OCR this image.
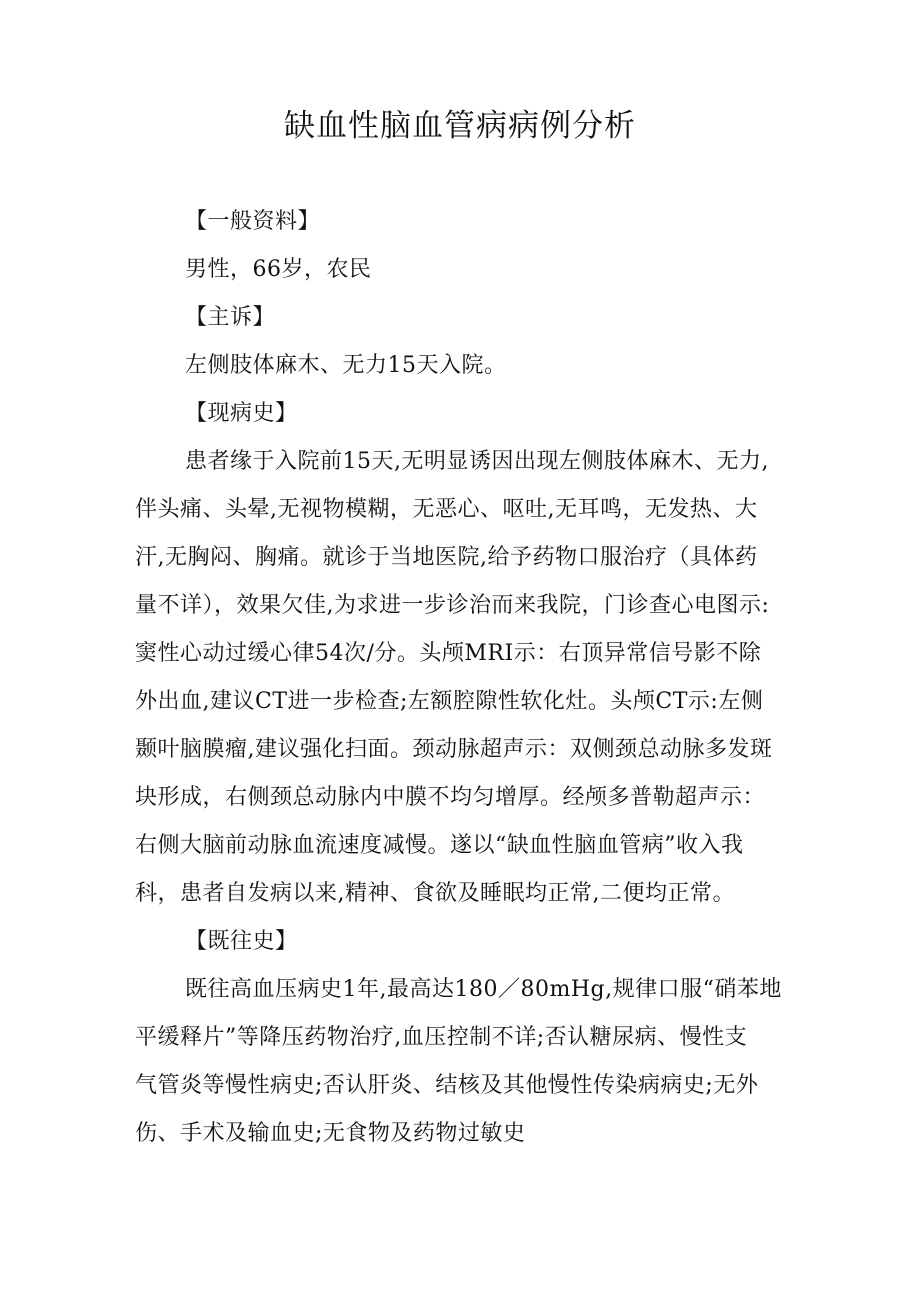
缺血性脑血管病病例分析

【一般资料】

男性，66岁，农民

【主诉】

左侧肢体麻木、无力15天入院。

【现病史】

患者缘于入院前15天,无明显诱因出现左侧肢体麻木、无力,

伴头痛、头晕,无视物模糊，无恶心、呕吐,无耳鸣，无发热、大

汗,无胸闷、胸痛。就诊于当地医院,给予药物口服治疗（具体药

量不详），效果欠佳,为求进一步诊治而来我院，门诊查心电图示:

窦性心动过缓心律54次/分。头颅MRI示：右顶异常信号影不除

外出血,建议CT进一步检查;左额腔隙性软化灶。头颅CT示:左侧

颞叶脑膜瘤,建议强化扫面。颈动脉超声示：双侧颈总动脉多发斑

块形成，右侧颈总动脉内中膜不均匀增厚。经颅多普勒超声示：

右侧大脑前动脉血流速度减慢。遂以“缺血性脑血管病”收入我

科，患者自发病以来,精神、食欲及睡眠均正常,二便均正常。

【既往史】

既往高血压病史1年,最高达180／80mHg,规律口服“硝苯地

平缓释片”等降压药物治疗,血压控制不详;否认糖尿病、慢性支

气管炎等慢性病史;否认肝炎、结核及其他慢性传染病病史;无外

伤、手术及输血史;无食物及药物过敏史
